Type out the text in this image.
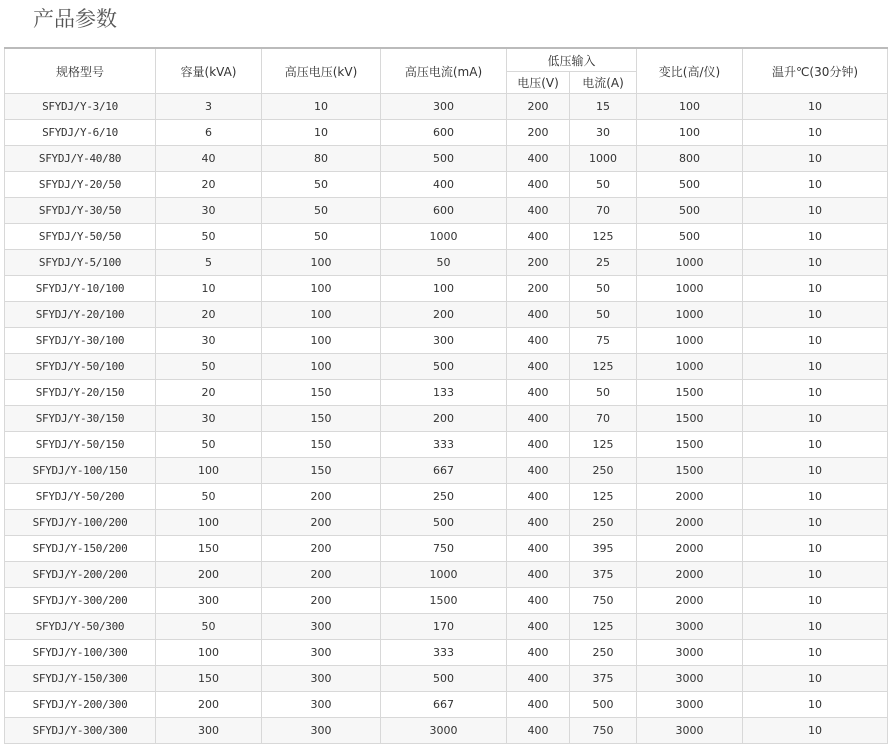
产品参数
规格型号	容量(kVA)	高压电压(kV)	高压电流(mA)	低压输入		变比(高/仪)	温升℃(30分钟)
				电压(V)	电流(A)		
SFYDJ/Y-3/10	3	10	300	200	15	100	10
SFYDJ/Y-6/10	6	10	600	200	30	100	10
SFYDJ/Y-40/80	40	80	500	400	1000	800	10
SFYDJ/Y-20/50	20	50	400	400	50	500	10
SFYDJ/Y-30/50	30	50	600	400	70	500	10
SFYDJ/Y-50/50	50	50	1000	400	125	500	10
SFYDJ/Y-5/100	5	100	50	200	25	1000	10
SFYDJ/Y-10/100	10	100	100	200	50	1000	10
SFYDJ/Y-20/100	20	100	200	400	50	1000	10
SFYDJ/Y-30/100	30	100	300	400	75	1000	10
SFYDJ/Y-50/100	50	100	500	400	125	1000	10
SFYDJ/Y-20/150	20	150	133	400	50	1500	10
SFYDJ/Y-30/150	30	150	200	400	70	1500	10
SFYDJ/Y-50/150	50	150	333	400	125	1500	10
SFYDJ/Y-100/150	100	150	667	400	250	1500	10
SFYDJ/Y-50/200	50	200	250	400	125	2000	10
SFYDJ/Y-100/200	100	200	500	400	250	2000	10
SFYDJ/Y-150/200	150	200	750	400	395	2000	10
SFYDJ/Y-200/200	200	200	1000	400	375	2000	10
SFYDJ/Y-300/200	300	200	1500	400	750	2000	10
SFYDJ/Y-50/300	50	300	170	400	125	3000	10
SFYDJ/Y-100/300	100	300	333	400	250	3000	10
SFYDJ/Y-150/300	150	300	500	400	375	3000	10
SFYDJ/Y-200/300	200	300	667	400	500	3000	10
SFYDJ/Y-300/300	300	300	3000	400	750	3000	10
